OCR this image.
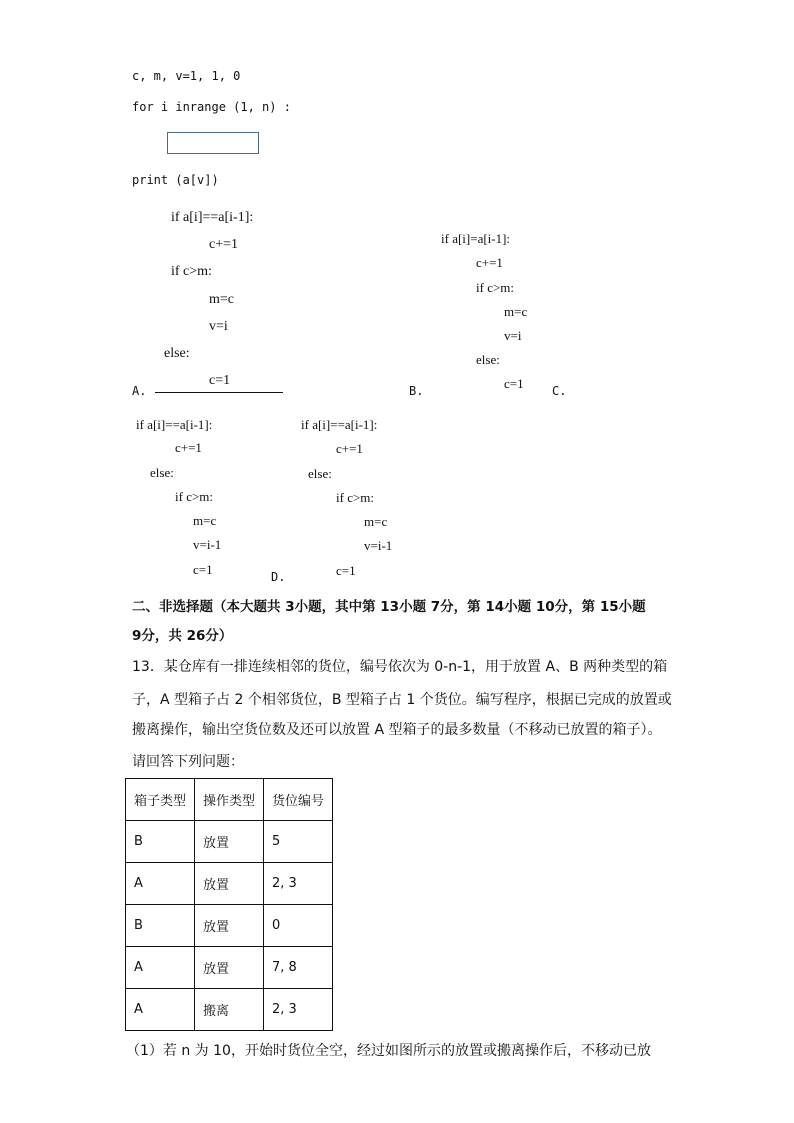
c, m, v=1, 1, 0
for i inrange (1, n) :
print (a[v])
if a[i]==a[i-1]:
c+=1
if c>m:
m=c
v=i
else:
c=1
A.
if a[i]=a[i-1]:
c+=1
if c>m:
m=c
v=i
else:
c=1
B.	C.
if a[i]==a[i-1]:
c+=1
else:
if c>m:
m=c
v=i-1
c=1	D.
if a[i]==a[i-1]:
c+=1
else:
if c>m:
m=c
v=i-1
c=1
二、非选择题（本大题共 3小题，其中第 13小题 7分，第 14小题 10分，第 15小题
9分，共 26分）
13．某仓库有一排连续相邻的货位，编号依次为 0-n-1，用于放置 A、B 两种类型的箱
子，A 型箱子占 2 个相邻货位，B 型箱子占 1 个货位。编写程序，根据已完成的放置或
搬离操作，输出空货位数及还可以放置 A 型箱子的最多数量（不移动已放置的箱子）。
请回答下列问题：
箱子类型	操作类型	货位编号
B	放置	5
A	放置	2, 3
B	放置	0
A	放置	7, 8
A	搬离	2, 3
（1）若 n 为 10，开始时货位全空，经过如图所示的放置或搬离操作后，不移动已放
